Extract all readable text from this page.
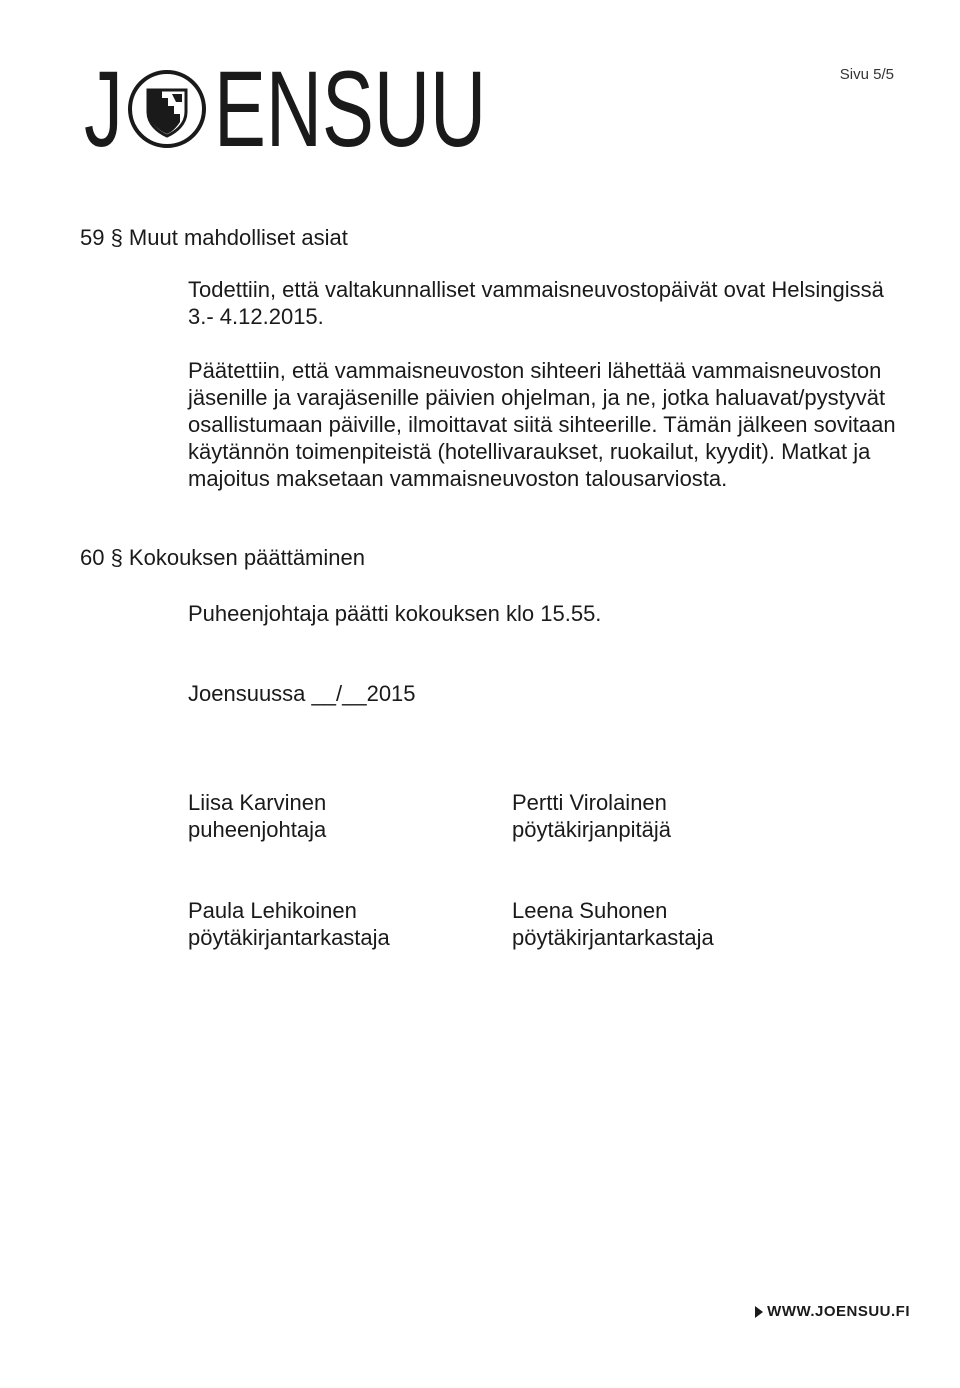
J ENSUU	Sivu 5/5
59 § Muut mahdolliset asiat
Todettiin, että valtakunnalliset vammaisneuvostopäivät ovat Helsingissä 3.- 4.12.2015.
Päätettiin, että vammaisneuvoston sihteeri lähettää vammaisneuvoston jäsenille ja varajäsenille päivien ohjelman, ja ne, jotka haluavat/pystyvät osallistumaan päiville, ilmoittavat siitä sihteerille. Tämän jälkeen sovitaan käytännön toimenpiteistä (hotellivaraukset, ruokailut, kyydit). Matkat ja majoitus maksetaan vammaisneuvoston talousarviosta.
60 § Kokouksen päättäminen
Puheenjohtaja päätti kokouksen klo 15.55.
Joensuussa __/__2015
Liisa Karvinen
puheenjohtaja
Pertti Virolainen
pöytäkirjanpitäjä
Paula Lehikoinen
pöytäkirjantarkastaja
Leena Suhonen
pöytäkirjantarkastaja
WWW.JOENSUU.FI
